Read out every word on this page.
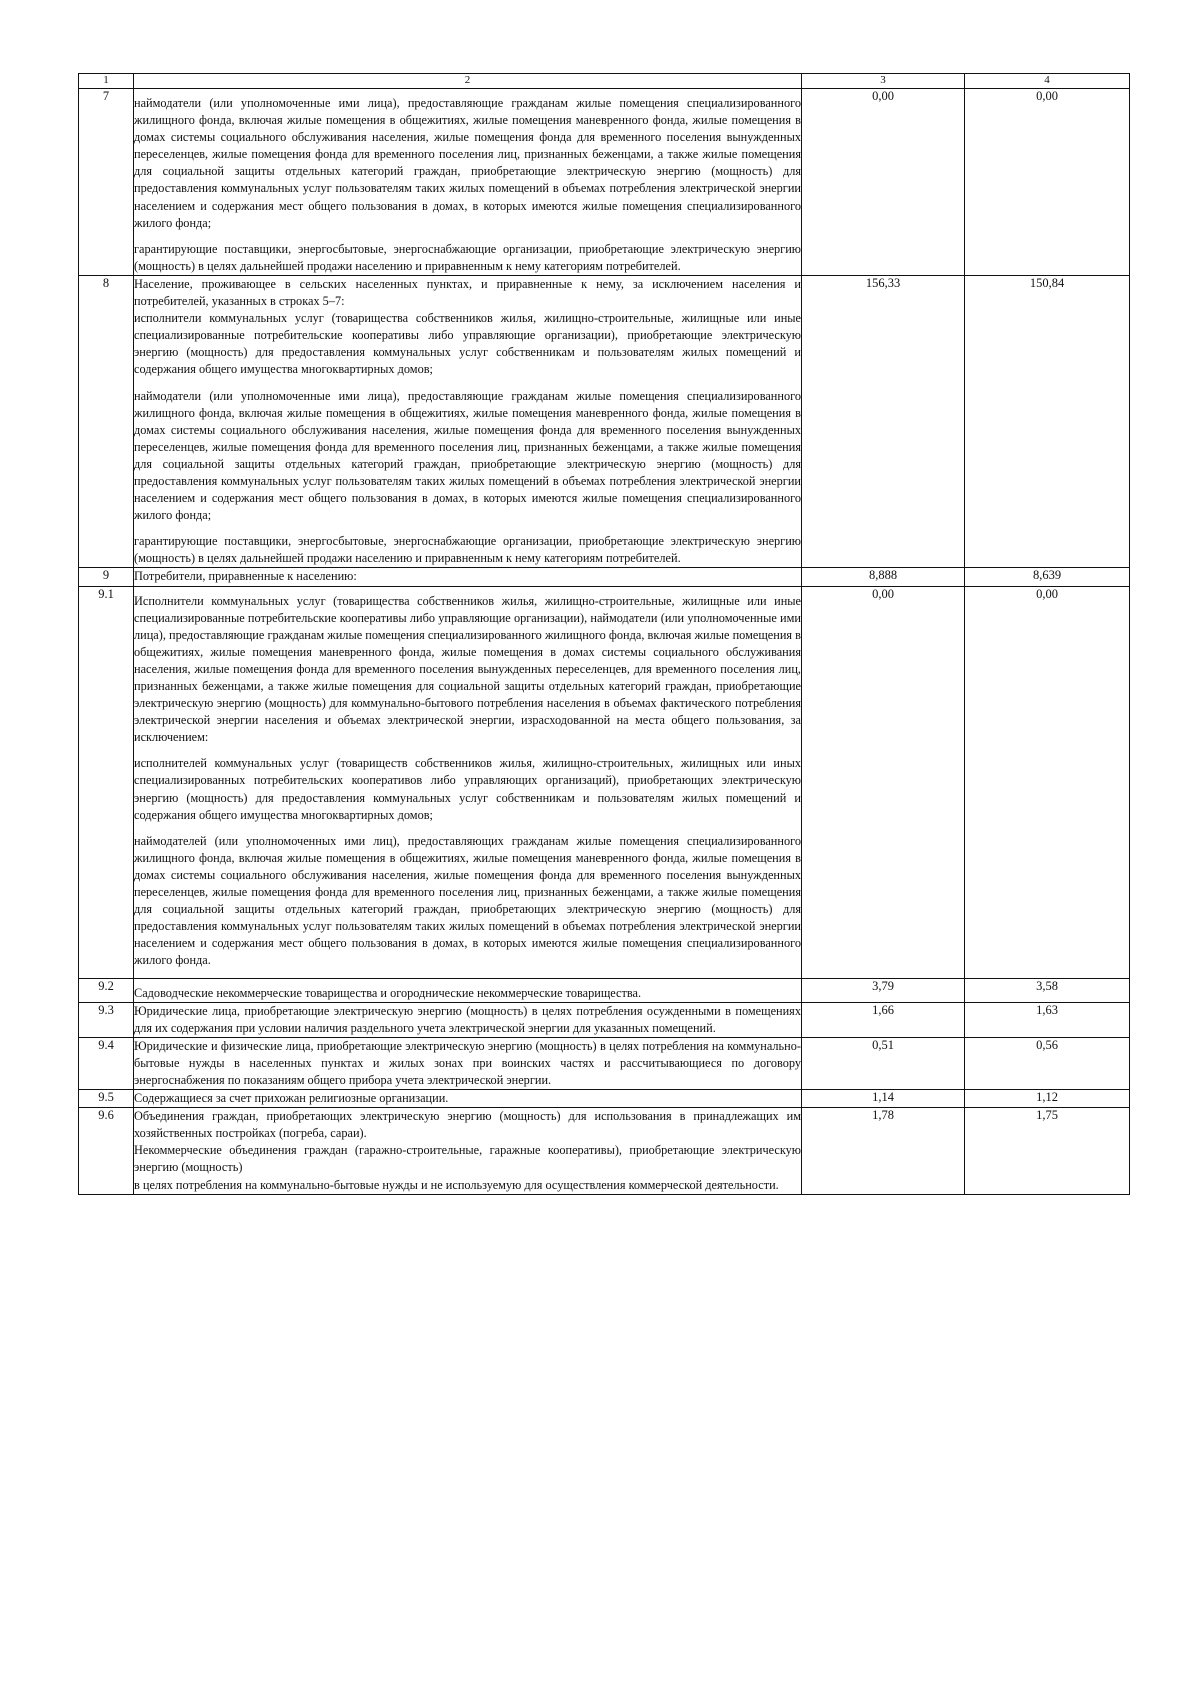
1	2	3	4
7	наймодатели (или уполномоченные ими лица), предоставляющие гражданам жилые помещения специализированного жилищного фонда, включая жилые помещения в общежитиях, жилые помещения маневренного фонда, жилые помещения в домах системы социального обслуживания населения, жилые помещения фонда для временного поселения вынужденных переселенцев, жилые помещения фонда для временного поселения лиц, признанных беженцами, а также жилые помещения для социальной защиты отдельных категорий граждан, приобретающие электрическую энергию (мощность) для предоставления коммунальных услуг пользователям таких жилых помещений в объемах потребления электрической энергии населением и содержания мест общего пользования в домах, в которых имеются жилые помещения специализированного жилого фонда;

гарантирующие поставщики, энергосбытовые, энергоснабжающие организации, приобретающие электрическую энергию (мощность) в целях дальнейшей продажи населению и приравненным к нему категориям потребителей.	0,00	0,00
8	Население, проживающее в сельских населенных пунктах, и приравненные к нему, за исключением населения и потребителей, указанных в строках 5–7:

исполнители коммунальных услуг (товарищества собственников жилья, жилищно-строительные, жилищные или иные специализированные потребительские кооперативы либо управляющие организации), приобретающие электрическую энергию (мощность) для предоставления коммунальных услуг собственникам и пользователям жилых помещений и содержания общего имущества многоквартирных домов;

наймодатели (или уполномоченные ими лица), предоставляющие гражданам жилые помещения специализированного жилищного фонда, включая жилые помещения в общежитиях, жилые помещения маневренного фонда, жилые помещения в домах системы социального обслуживания населения, жилые помещения фонда для временного поселения вынужденных переселенцев, жилые помещения фонда для временного поселения лиц, признанных беженцами, а также жилые помещения для социальной защиты отдельных категорий граждан, приобретающие электрическую энергию (мощность) для предоставления коммунальных услуг пользователям таких жилых помещений в объемах потребления электрической энергии населением и содержания мест общего пользования в домах, в которых имеются жилые помещения специализированного жилого фонда;

гарантирующие поставщики, энергосбытовые, энергоснабжающие организации, приобретающие электрическую энергию (мощность) в целях дальнейшей продажи населению и приравненным к нему категориям потребителей.	156,33	150,84
9	Потребители, приравненные к населению:	8,888	8,639
9.1	Исполнители коммунальных услуг (товарищества собственников жилья, жилищно-строительные, жилищные или иные специализированные потребительские кооперативы либо управляющие организации), наймодатели (или уполномоченные ими лица), предоставляющие гражданам жилые помещения специализированного жилищного фонда, включая жилые помещения в общежитиях, жилые помещения маневренного фонда, жилые помещения в домах системы социального обслуживания населения, жилые помещения фонда для временного поселения вынужденных переселенцев, для временного поселения лиц, признанных беженцами, а также жилые помещения для социальной защиты отдельных категорий граждан, приобретающие электрическую энергию (мощность) для коммунально-бытового потребления населения в объемах фактического потребления электрической энергии населения и объемах электрической энергии, израсходованной на места общего пользования, за исключением:

исполнителей коммунальных услуг (товариществ собственников жилья, жилищно-строительных, жилищных или иных специализированных потребительских кооперативов либо управляющих организаций), приобретающих электрическую энергию (мощность) для предоставления коммунальных услуг собственникам и пользователям жилых помещений и содержания общего имущества многоквартирных домов;

наймодателей (или уполномоченных ими лиц), предоставляющих гражданам жилые помещения специализированного жилищного фонда, включая жилые помещения в общежитиях, жилые помещения маневренного фонда, жилые помещения в домах системы социального обслуживания населения, жилые помещения фонда для временного поселения вынужденных переселенцев, жилые помещения фонда для временного поселения лиц, признанных беженцами, а также жилые помещения для социальной защиты отдельных категорий граждан, приобретающих электрическую энергию (мощность) для предоставления коммунальных услуг пользователям таких жилых помещений в объемах потребления электрической энергии населением и содержания мест общего пользования в домах, в которых имеются жилые помещения специализированного жилого фонда.	0,00	0,00
9.2	Садоводческие некоммерческие товарищества и огороднические некоммерческие товарищества.	3,79	3,58
9.3	Юридические лица, приобретающие электрическую энергию (мощность) в целях потребления осужденными в помещениях для их содержания при условии наличия раздельного учета электрической энергии для указанных помещений.	1,66	1,63
9.4	Юридические и физические лица, приобретающие электрическую энергию (мощность) в целях потребления на коммунально-бытовые нужды в населенных пунктах и жилых зонах при воинских частях и рассчитывающиеся по договору энергоснабжения по показаниям общего прибора учета электрической энергии.	0,51	0,56
9.5	Содержащиеся за счет прихожан религиозные организации.	1,14	1,12
9.6	Объединения граждан, приобретающих электрическую энергию (мощность) для использования в принадлежащих им хозяйственных постройках (погреба, сараи).

Некоммерческие объединения граждан (гаражно-строительные, гаражные кооперативы), приобретающие электрическую энергию (мощность)

в целях потребления на коммунально-бытовые нужды и не используемую для осуществления коммерческой деятельности.	1,78	1,75
